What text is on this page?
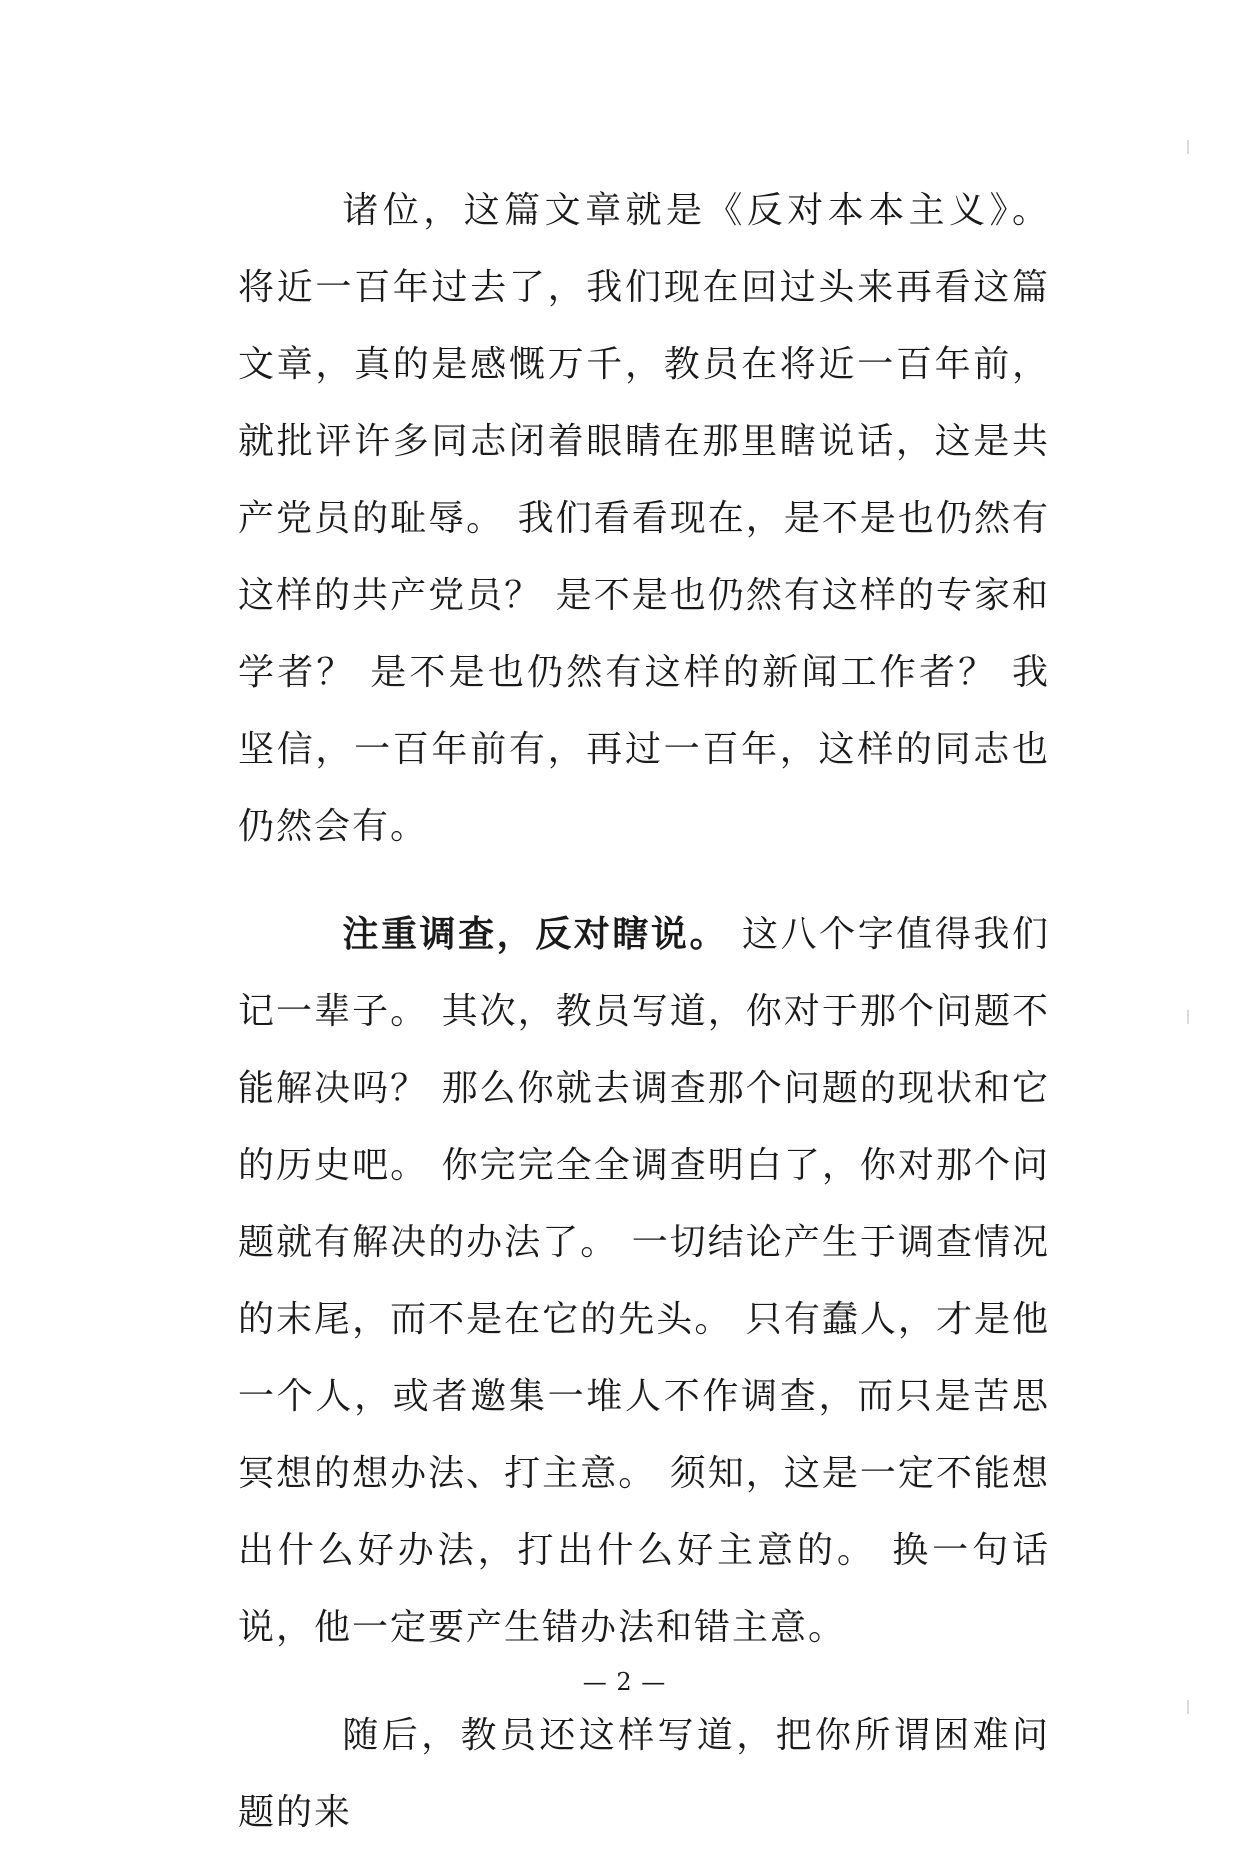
诸位，这篇文章就是《反对本本主义》。 将近一百年过去了，我们现在回过头来再看这篇文章，真的是感慨万千，教员在将近一百年前，就批评许多同志闭着眼睛在那里瞎说话，这是共产党员的耻辱。 我们看看现在，是不是也仍然有这样的共产党员？ 是不是也仍然有这样的专家和学者？ 是不是也仍然有这样的新闻工作者？ 我坚信，一百年前有，再过一百年，这样的同志也仍然会有。

注重调查，反对瞎说。 这八个字值得我们记一辈子。 其次，教员写道，你对于那个问题不能解决吗？ 那么你就去调查那个问题的现状和它的历史吧。 你完完全全调查明白了，你对那个问题就有解决的办法了。 一切结论产生于调查情况的末尾，而不是在它的先头。 只有蠢人，才是他一个人，或者邀集一堆人不作调查，而只是苦思冥想的想办法、打主意。 须知，这是一定不能想出什么好办法，打出什么好主意的。 换一句话说，他一定要产生错办法和错主意。

随后，教员还这样写道，把你所谓困难问题的来

— 2 —
